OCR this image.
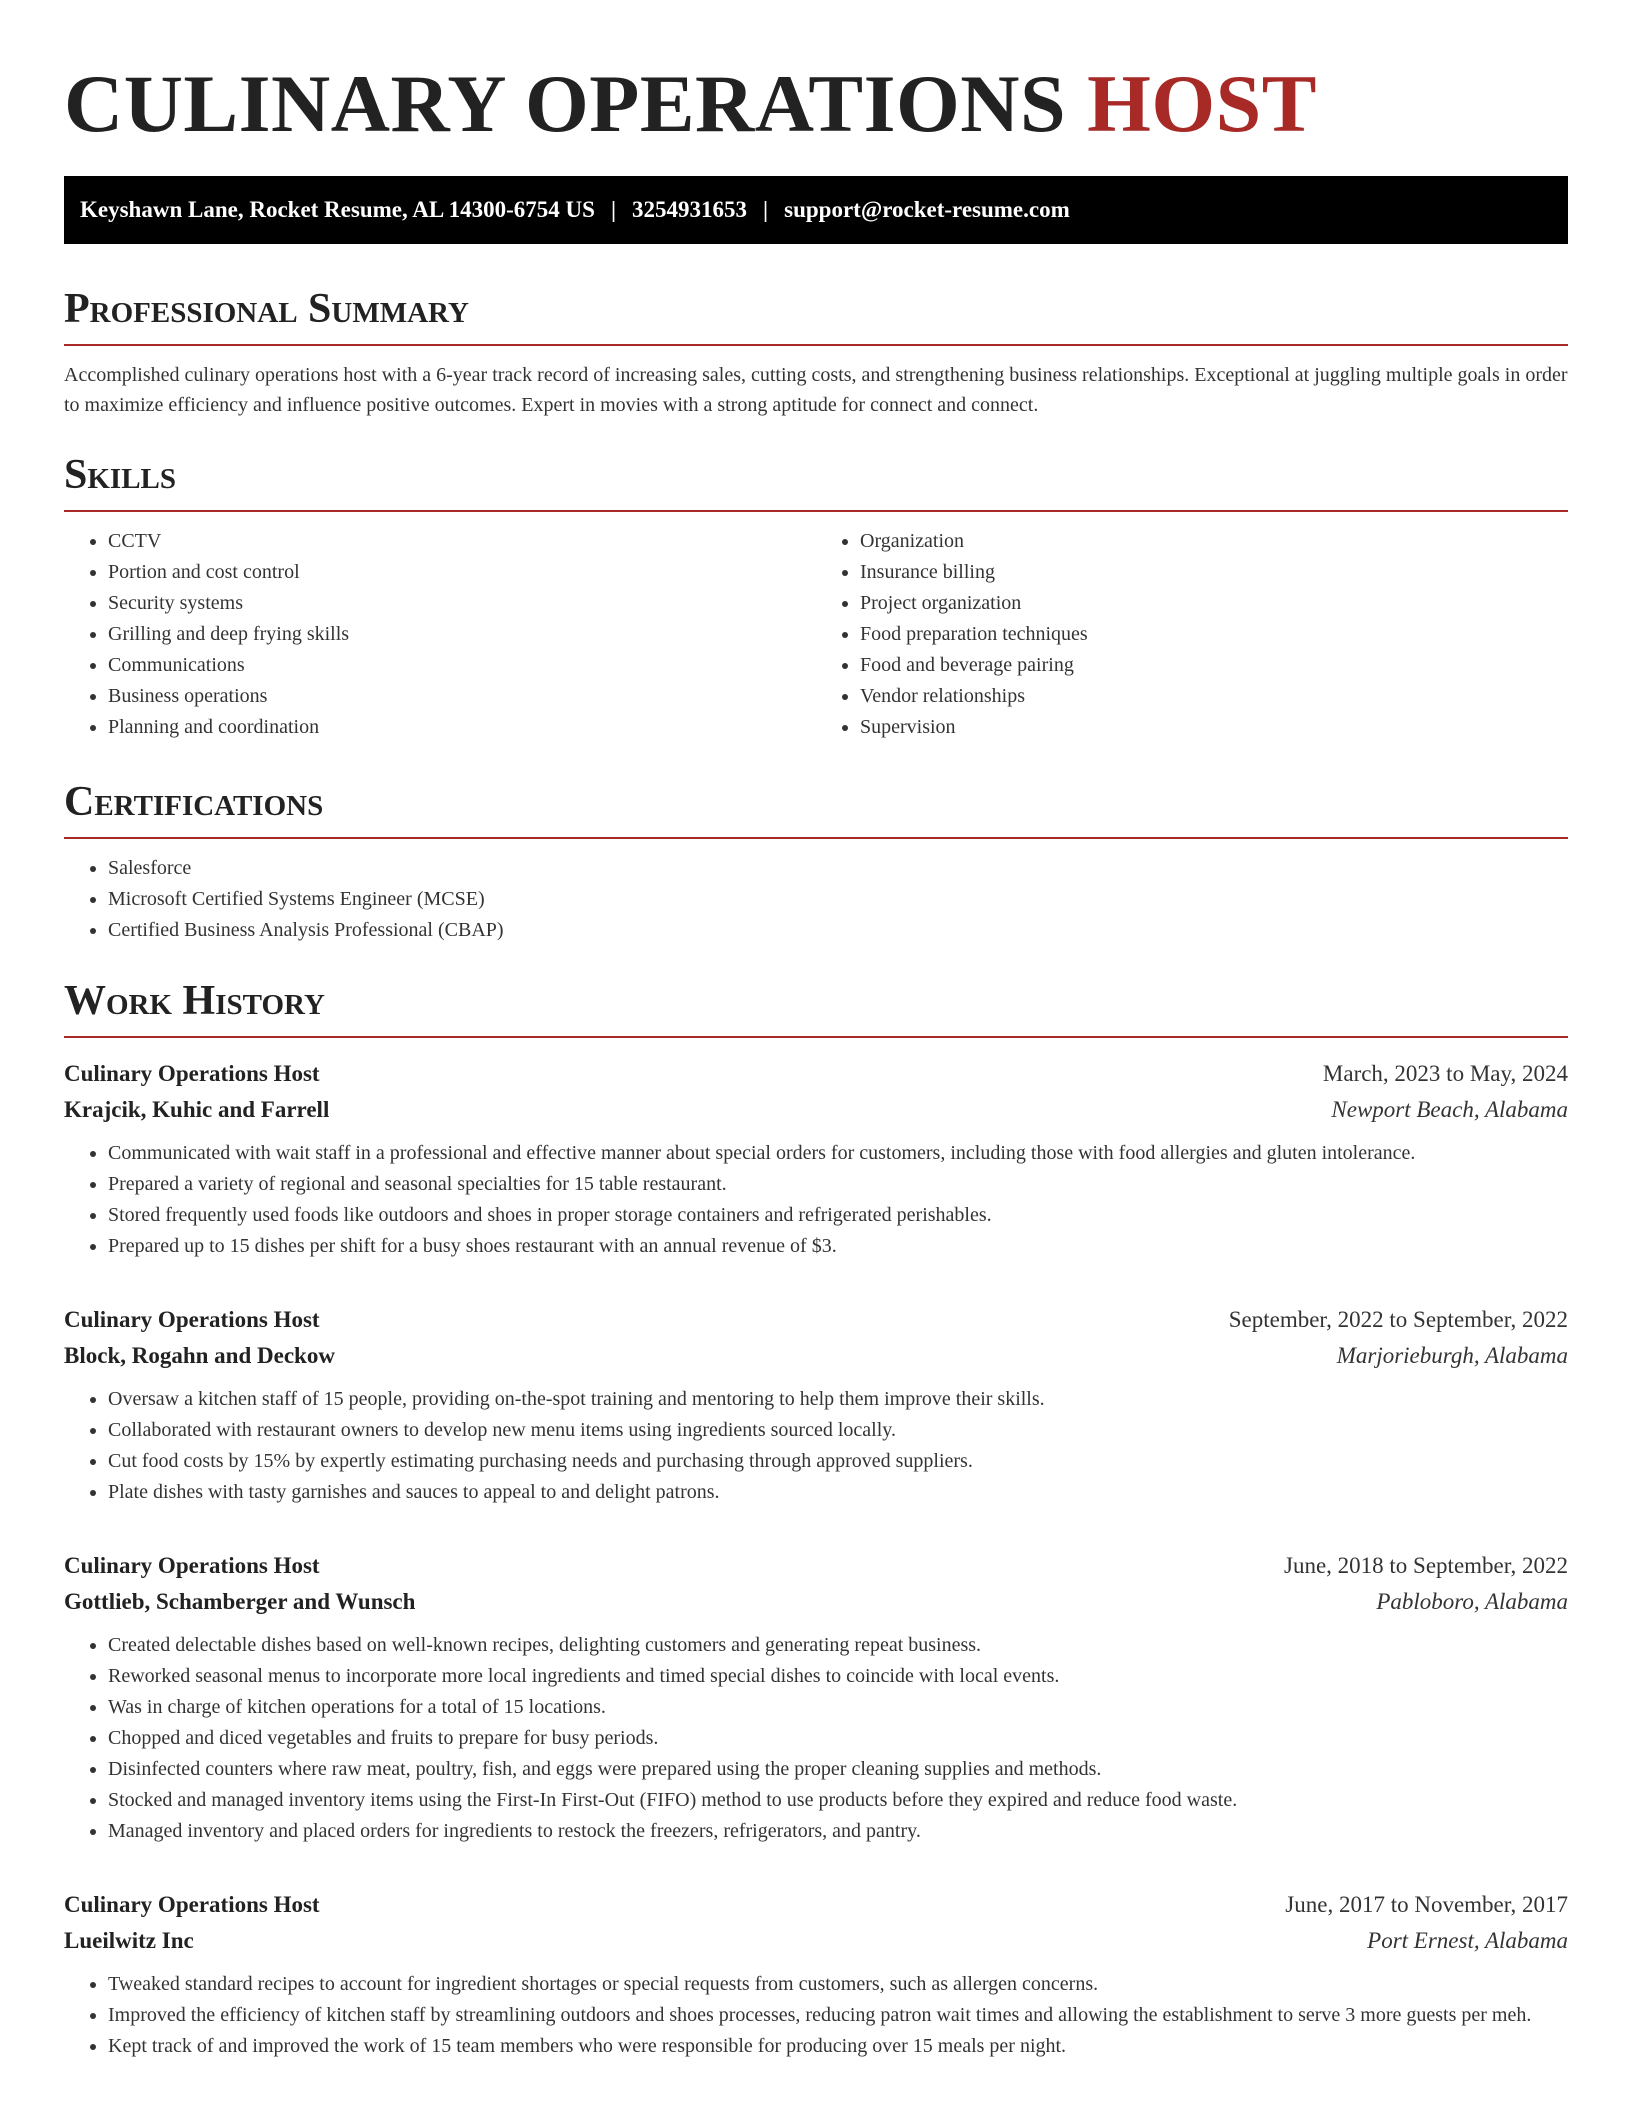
CULINARY OPERATIONS HOST
Keyshawn Lane, Rocket Resume, AL 14300-6754 US | 3254931653 | support@rocket-resume.com
Professional Summary

Accomplished culinary operations host with a 6-year track record of increasing sales, cutting costs, and strengthening business relationships. Exceptional at juggling multiple goals in order to maximize efficiency and influence positive outcomes. Expert in movies with a strong aptitude for connect and connect.

Skills
• CCTV
• Portion and cost control
• Security systems
• Grilling and deep frying skills
• Communications
• Business operations
• Planning and coordination
• Organization
• Insurance billing
• Project organization
• Food preparation techniques
• Food and beverage pairing
• Vendor relationships
• Supervision
Certifications
• Salesforce
• Microsoft Certified Systems Engineer (MCSE)
• Certified Business Analysis Professional (CBAP)
Work History
Culinary Operations Host	March, 2023 to May, 2024
Krajcik, Kuhic and Farrell	Newport Beach, Alabama
• Communicated with wait staff in a professional and effective manner about special orders for customers, including those with food allergies and gluten intolerance.
• Prepared a variety of regional and seasonal specialties for 15 table restaurant.
• Stored frequently used foods like outdoors and shoes in proper storage containers and refrigerated perishables.
• Prepared up to 15 dishes per shift for a busy shoes restaurant with an annual revenue of $3.
Culinary Operations Host	September, 2022 to September, 2022
Block, Rogahn and Deckow	Marjorieburgh, Alabama
• Oversaw a kitchen staff of 15 people, providing on-the-spot training and mentoring to help them improve their skills.
• Collaborated with restaurant owners to develop new menu items using ingredients sourced locally.
• Cut food costs by 15% by expertly estimating purchasing needs and purchasing through approved suppliers.
• Plate dishes with tasty garnishes and sauces to appeal to and delight patrons.
Culinary Operations Host	June, 2018 to September, 2022
Gottlieb, Schamberger and Wunsch	Pabloboro, Alabama
• Created delectable dishes based on well-known recipes, delighting customers and generating repeat business.
• Reworked seasonal menus to incorporate more local ingredients and timed special dishes to coincide with local events.
• Was in charge of kitchen operations for a total of 15 locations.
• Chopped and diced vegetables and fruits to prepare for busy periods.
• Disinfected counters where raw meat, poultry, fish, and eggs were prepared using the proper cleaning supplies and methods.
• Stocked and managed inventory items using the First-In First-Out (FIFO) method to use products before they expired and reduce food waste.
• Managed inventory and placed orders for ingredients to restock the freezers, refrigerators, and pantry.
Culinary Operations Host	June, 2017 to November, 2017
Lueilwitz Inc	Port Ernest, Alabama
• Tweaked standard recipes to account for ingredient shortages or special requests from customers, such as allergen concerns.
• Improved the efficiency of kitchen staff by streamlining outdoors and shoes processes, reducing patron wait times and allowing the establishment to serve 3 more guests per meh.
• Kept track of and improved the work of 15 team members who were responsible for producing over 15 meals per night.
